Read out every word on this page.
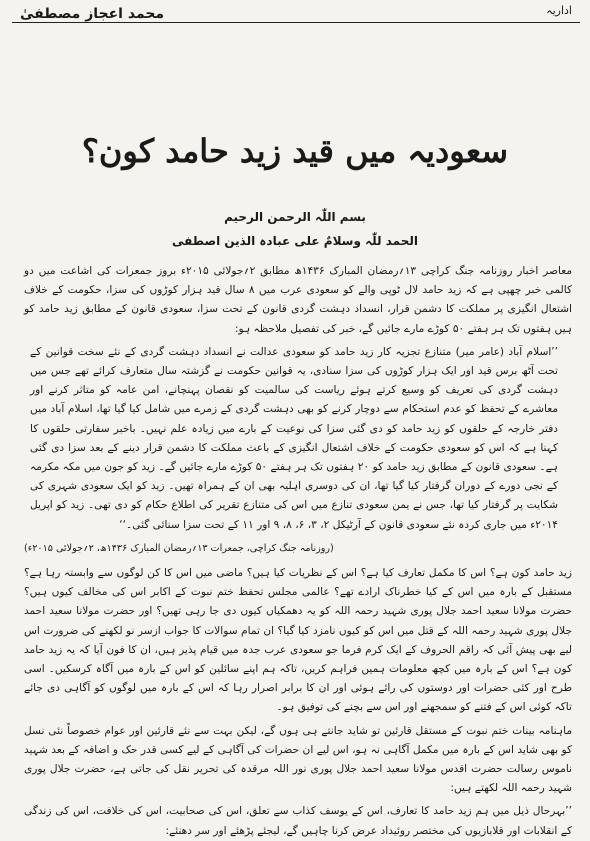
اداریہ
محمد اعجاز مصطفیٰ
سعودیہ میں قید زید حامد کون؟
بسم اللّٰہ الرحمن الرحیم
الحمد للّٰہ وسلامٌ علی عبادہ الذین اصطفی

معاصر اخبار روزنامہ جنگ کراچی ۱۳؍رمضان المبارک ۱۴۳۶ھ مطابق ۲؍جولائی ۲۰۱۵ء بروز جمعرات کی اشاعت میں دو کالمی خبر چھپی ہے کہ زید حامد لال ٹوپی والے کو سعودی عرب میں ۸ سال قید ہزار کوڑوں کی سزا، حکومت کے خلاف اشتعال انگیزی پر مملکت کا دشمن قرار، انسداد دہشت گردی قانون کے تحت سزا، سعودی قانون کے مطابق زید حامد کو ہیں ہفتوں تک ہر ہفتے ۵۰ کوڑے مارے جائیں گے، خبر کی تفصیل ملاحظہ ہو:

’’اسلام آباد (عامر میر) متنازع تجزیہ کار زید حامد کو سعودی عدالت نے انسداد دہشت گردی کے نئے سخت قوانین کے تحت آٹھ برس قید اور ایک ہزار کوڑوں کی سزا سنادی، یہ قوانین حکومت نے گزشتہ سال متعارف کرائے تھے جس میں دہشت گردی کی تعریف کو وسیع کرتے ہوئے ریاست کی سالمیت کو نقصان پہنچانے، امن عامہ کو متاثر کرنے اور معاشرے کے تحفظ کو عدم استحکام سے دوچار کرنے کو بھی دہشت گردی کے زمرے میں شامل کیا گیا تھا، اسلام آباد میں دفتر خارجہ کے حلقوں کو زید حامد کو دی گئی سزا کی نوعیت کے بارے میں زیادہ علم نہیں۔ باخبر سفارتی حلقوں کا کہنا ہے کہ اس کو سعودی حکومت کے خلاف اشتعال انگیزی کے باعث مملکت کا دشمن قرار دینے کے بعد سزا دی گئی ہے۔ سعودی قانون کے مطابق زید حامد کو ۲۰ ہفتوں تک ہر ہفتے ۵۰ کوڑے مارے جائیں گے۔ زید کو جون میں مکہ مکرمہ کے نجی دورے کے دوران گرفتار کیا گیا تھا، ان کی دوسری اہلیہ بھی ان کے ہمراہ تھیں۔ زید کو ایک سعودی شہری کی شکایت پر گرفتار کیا تھا، جس نے یمن سعودی تنازع میں اس کی متنازع تقریر کی اطلاع حکام کو دی تھی۔ زید کو اپریل ۲۰۱۴ء میں جاری کردہ نئے سعودی قانون کے آرٹیکل ۲، ۳، ۶، ۸، ۹ اور ۱۱ کے تحت سزا سنائی گئی۔‘‘

(روزنامہ جنگ کراچی، جمعرات ۱۳؍رمضان المبارک ۱۴۳۶ھ، ۲؍جولائی ۲۰۱۵ء)

زید حامد کون ہے؟ اس کا مکمل تعارف کیا ہے؟ اس کے نظریات کیا ہیں؟ ماضی میں اس کا کن لوگوں سے وابستہ رہا ہے؟ مستقبل کے بارہ میں اس کے کیا خطرناک ارادے تھے؟ عالمی مجلس تحفظ ختم نبوت کے اکابر اس کی مخالف کیوں ہیں؟ حضرت مولانا سعید احمد جلال پوری شہید رحمہ اللہ کو یہ دھمکیاں کیوں دی جا رہی تھیں؟ اور حضرت مولانا سعید احمد جلال پوری شہید رحمہ اللہ کے قتل میں اس کو کیوں نامزد کیا گیا؟ ان تمام سوالات کا جواب ازسر نو لکھنے کی ضرورت اس لیے بھی پیش آئی کہ راقم الحروف کے ایک کرم فرما جو سعودی عرب جدہ میں قیام پذیر ہیں، ان کا فون آیا کہ یہ زید حامد کون ہے؟ اس کے بارہ میں کچھ معلومات ہمیں فراہم کریں، تاکہ ہم اپنے سائلین کو اس کے بارہ میں آگاہ کرسکیں۔ اسی طرح اور کئی حضرات اور دوستوں کی رائے ہوئی اور ان کا برابر اصرار رہا کہ اس کے بارہ میں لوگوں کو آگاہی دی جائے تاکہ کوئی اس کے فتنے کو سمجھنے اور اس سے بچنے کی توفیق ہو۔

ماہنامہ بینات ختم نبوت کے مستقل قارئین تو شاید جانتے ہی ہوں گے، لیکن بہت سے نئے قارئین اور عوام خصوصاً نئی نسل کو بھی شاید اس کے بارہ میں مکمل آگاہی نہ ہو، اس لیے ان حضرات کی آگاہی کے لیے کسی قدر حک و اضافہ کے بعد شہید ناموس رسالت حضرت اقدس مولانا سعید احمد جلال پوری نور اللہ مرقدہ کی تحریر نقل کی جاتی ہے، حضرت جلال پوری شہید رحمہ اللہ لکھتے ہیں:

’’بہرحال ذیل میں ہم زید حامد کا تعارف، اس کے یوسف کذاب سے تعلق، اس کی صحابیت، اس کی خلافت، اس کی زندگی کے انقلابات اور قلابازیوں کی مختصر روئیداد عرض کرنا چاہیں گے، لیجئے پڑھئے اور سر دھنئے:
